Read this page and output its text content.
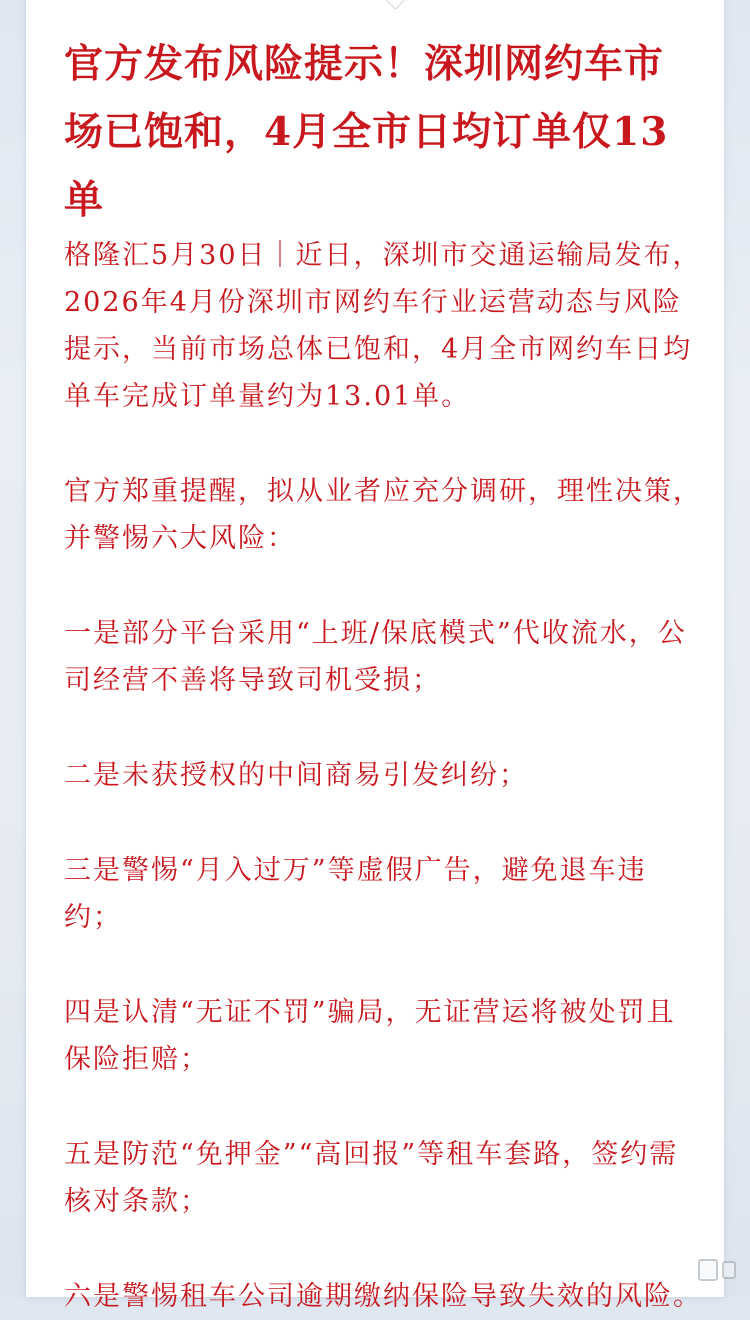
官方发布风险提示！深圳网约车市场已饱和，4月全市日均订单仅13单

格隆汇5月30日｜近日，深圳市交通运输局发布，2026年4月份深圳市网约车行业运营动态与风险提示，当前市场总体已饱和，4月全市网约车日均单车完成订单量约为13.01单。

官方郑重提醒，拟从业者应充分调研，理性决策，并警惕六大风险：

一是部分平台采用“上班/保底模式”代收流水，公司经营不善将导致司机受损；

二是未获授权的中间商易引发纠纷；

三是警惕“月入过万”等虚假广告，避免退车违约；

四是认清“无证不罚”骗局，无证营运将被处罚且保险拒赔；

五是防范“免押金”“高回报”等租车套路，签约需核对条款；

六是警惕租车公司逾期缴纳保险导致失效的风险。
